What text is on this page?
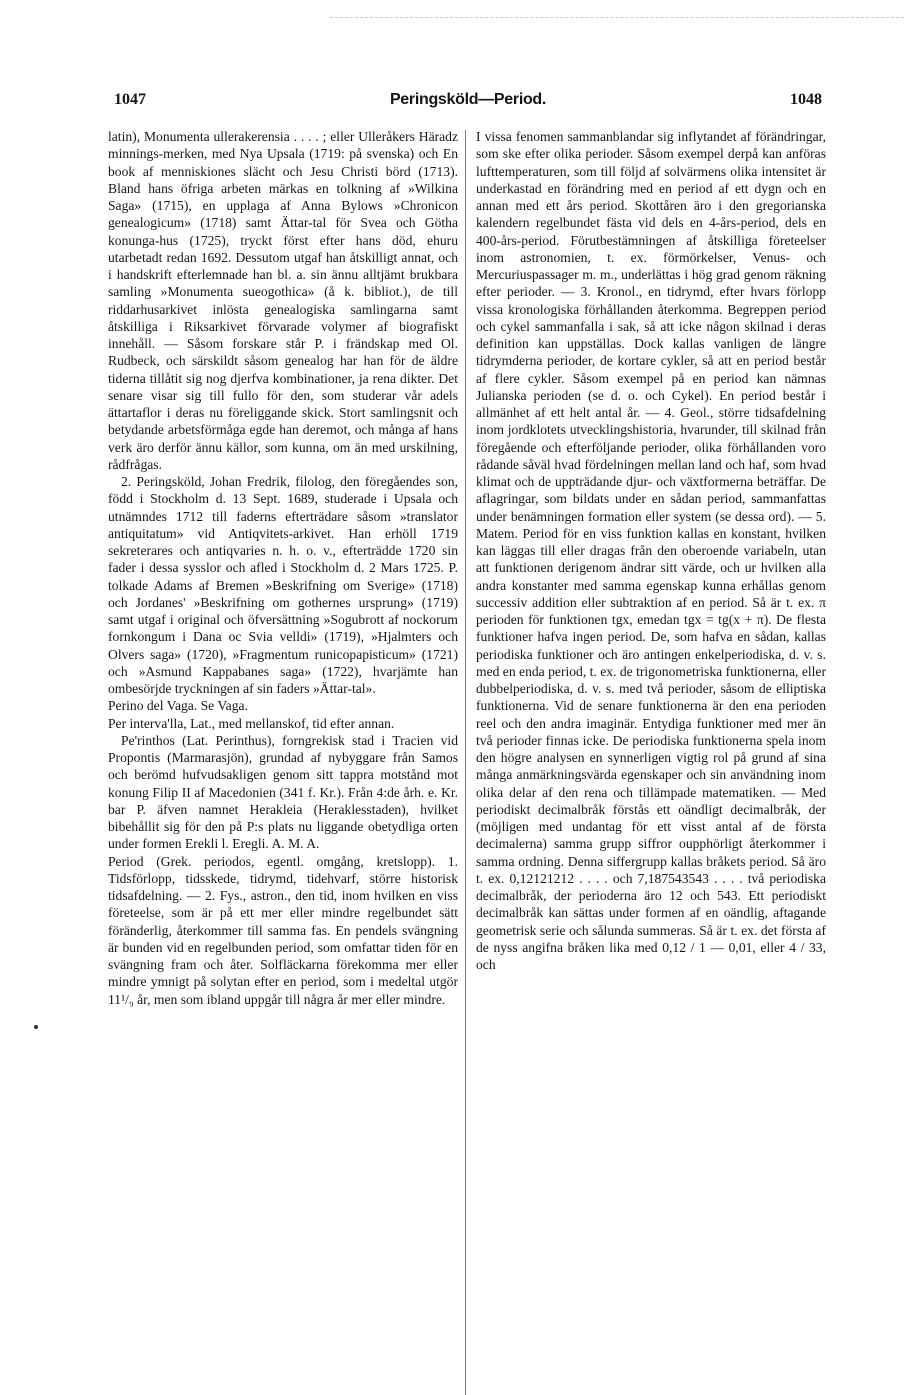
1047	Peringsköld—Period.	1048

latin), Monumenta ullerakerensia . . . . ; eller Ulleråkers Häradz minnings-merken, med Nya Upsala (1719: på svenska) och En book af menniskiones slächt och Jesu Christi börd (1713). Bland hans öfriga arbeten märkas en tolkning af »Wilkina Saga» (1715), en upplaga af Anna Bylows »Chronicon genealogicum» (1718) samt Ättar-tal för Svea och Götha konunga-hus (1725), tryckt först efter hans död, ehuru utarbetadt redan 1692. Dessutom utgaf han åtskilligt annat, och i handskrift efterlemnade han bl. a. sin ännu alltjämt brukbara samling »Monumenta sueogothica» (å k. bibliot.), de till riddarhusarkivet inlösta genealogiska samlingarna samt åtskilliga i Riksarkivet förvarade volymer af biografiskt innehåll. — Såsom forskare står P. i frändskap med Ol. Rudbeck, och särskildt såsom genealog har han för de äldre tiderna tillåtit sig nog djerfva kombinationer, ja rena dikter. Det senare visar sig till fullo för den, som studerar vår adels ättartaflor i deras nu föreliggande skick. Stort samlingsnit och betydande arbetsförmåga egde han deremot, och många af hans verk äro derför ännu källor, som kunna, om än med urskilning, rådfrågas.

2. Peringsköld, Johan Fredrik, filolog, den föregåendes son, född i Stockholm d. 13 Sept. 1689, studerade i Upsala och utnämndes 1712 till faderns efterträdare såsom »translator antiquitatum» vid Antiqvitets-arkivet. Han erhöll 1719 sekreterares och antiqvaries n. h. o. v., efterträdde 1720 sin fader i dessa sysslor och afled i Stockholm d. 2 Mars 1725. P. tolkade Adams af Bremen »Beskrifning om Sverige» (1718) och Jordanes' »Beskrifning om gothernes ursprung» (1719) samt utgaf i original och öfversättning »Sogubrott af nockorum fornkongum i Dana oc Svia velldi» (1719), »Hjalmters och Olvers saga» (1720), »Fragmentum runicopapisticum» (1721) och »Asmund Kappabanes saga» (1722), hvarjämte han ombesörjde tryckningen af sin faders »Ättar-tal».

Perino del Vaga. Se Vaga.

Per interva'lla, Lat., med mellanskof, tid efter annan.

Pe'rinthos (Lat. Perinthus), forngrekisk stad i Tracien vid Propontis (Marmarasjön), grundad af nybyggare från Samos och berömd hufvudsakligen genom sitt tappra motstånd mot konung Filip II af Macedonien (341 f. Kr.). Från 4:de årh. e. Kr. bar P. äfven namnet Herakleia (Heraklesstaden), hvilket bibehållit sig för den på P:s plats nu liggande obetydliga orten under formen Erekli l. Eregli. A. M. A.

Period (Grek. periodos, egentl. omgång, kretslopp). 1. Tidsförlopp, tidsskede, tidrymd, tidehvarf, större historisk tidsafdelning. — 2. Fys., astron., den tid, inom hvilken en viss företeelse, som är på ett mer eller mindre regelbundet sätt föränderlig, återkommer till samma fas. En pendels svängning är bunden vid en regelbunden period, som omfattar tiden för en svängning fram och åter. Solfläckarna förekomma mer eller mindre ymnigt på solytan efter en period, som i medeltal utgör 11¹/₉ år, men som ibland uppgår till några år mer eller mindre.

I vissa fenomen sammanblandar sig inflytandet af förändringar, som ske efter olika perioder. Såsom exempel derpå kan anföras lufttemperaturen, som till följd af solvärmens olika intensitet är underkastad en förändring med en period af ett dygn och en annan med ett års period. Skottåren äro i den gregorianska kalendern regelbundet fästa vid dels en 4-års-period, dels en 400-års-period. Förutbestämningen af åtskilliga företeelser inom astronomien, t. ex. förmörkelser, Venus- och Mercuriuspassager m. m., underlättas i hög grad genom räkning efter perioder. — 3. Kronol., en tidrymd, efter hvars förlopp vissa kronologiska förhållanden återkomma. Begreppen period och cykel sammanfalla i sak, så att icke någon skilnad i deras definition kan uppställas. Dock kallas vanligen de längre tidrymderna perioder, de kortare cykler, så att en period består af flere cykler. Såsom exempel på en period kan nämnas Julianska perioden (se d. o. och Cykel). En period består i allmänhet af ett helt antal år. — 4. Geol., större tidsafdelning inom jordklotets utvecklingshistoria, hvarunder, till skilnad från föregående och efterföljande perioder, olika förhållanden voro rådande såväl hvad fördelningen mellan land och haf, som hvad klimat och de uppträdande djur- och växtformerna beträffar. De aflagringar, som bildats under en sådan period, sammanfattas under benämningen formation eller system (se dessa ord). — 5. Matem. Period för en viss funktion kallas en konstant, hvilken kan läggas till eller dragas från den oberoende variabeln, utan att funktionen derigenom ändrar sitt värde, och ur hvilken alla andra konstanter med samma egenskap kunna erhållas genom successiv addition eller subtraktion af en period. Så är t. ex. π perioden för funktionen tgx, emedan tgx = tg(x + π). De flesta funktioner hafva ingen period. De, som hafva en sådan, kallas periodiska funktioner och äro antingen enkelperiodiska, d. v. s. med en enda period, t. ex. de trigonometriska funktionerna, eller dubbelperiodiska, d. v. s. med två perioder, såsom de elliptiska funktionerna. Vid de senare funktionerna är den ena perioden reel och den andra imaginär. Entydiga funktioner med mer än två perioder finnas icke. De periodiska funktionerna spela inom den högre analysen en synnerligen vigtig rol på grund af sina många anmärkningsvärda egenskaper och sin användning inom olika delar af den rena och tillämpade matematiken. — Med periodiskt decimalbråk förstås ett oändligt decimalbråk, der (möjligen med undantag för ett visst antal af de första decimalerna) samma grupp siffror oupphörligt återkommer i samma ordning. Denna siffergrupp kallas bråkets period. Så äro t. ex. 0,12121212 . . . . och 7,187543543 . . . . två periodiska decimalbråk, der perioderna äro 12 och 543. Ett periodiskt decimalbråk kan sättas under formen af en oändlig, aftagande geometrisk serie och sålunda summeras. Så är t. ex. det första af de nyss angifna bråken lika med 0,12 / 1 — 0,01, eller 4 / 33, och
